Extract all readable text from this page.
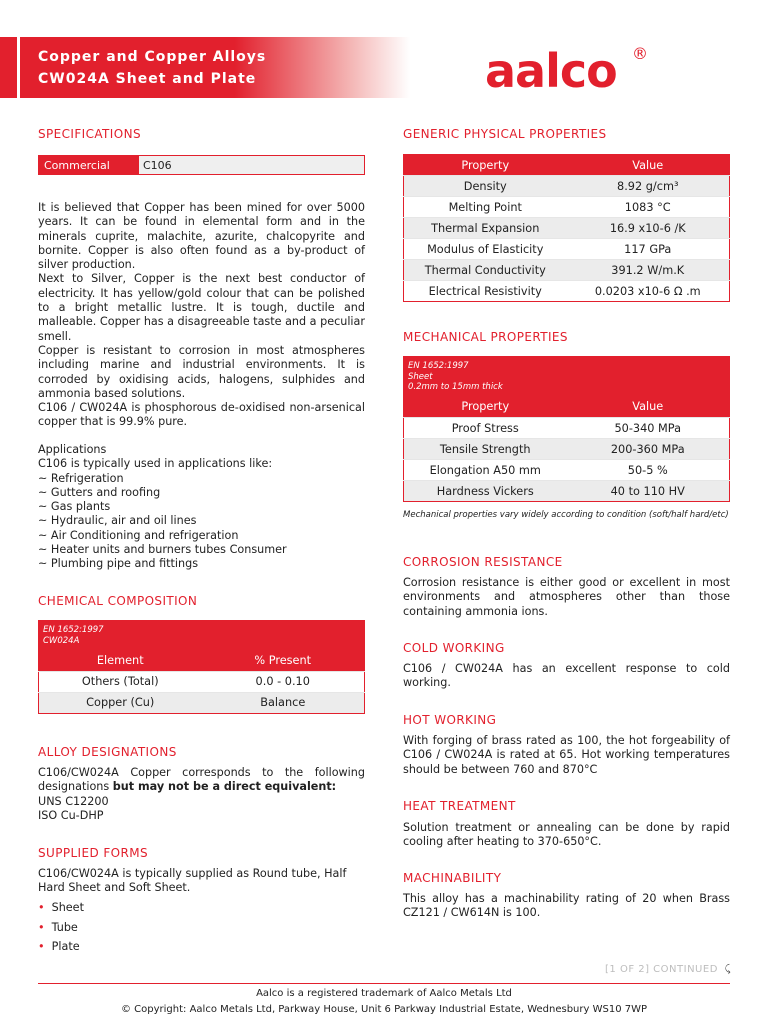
Copper and Copper Alloys
CW024A Sheet and Plate	aalco ®
SPECIFICATIONS
Commercial	C106
It is believed that Copper has been mined for over 5000 years. It can be found in elemental form and in the minerals cuprite, malachite, azurite, chalcopyrite and bornite. Copper is also often found as a by-product of silver production.
Next to Silver, Copper is the next best conductor of electricity. It has yellow/gold colour that can be polished to a bright metallic lustre. It is tough, ductile and malleable. Copper has a disagreeable taste and a peculiar smell.
Copper is resistant to corrosion in most atmospheres including marine and industrial environments. It is corroded by oxidising acids, halogens, sulphides and ammonia based solutions.
C106 / CW024A is phosphorous de-oxidised non-arsenical copper that is 99.9% pure.
Applications
C106 is typically used in applications like:
~ Refrigeration
~ Gutters and roofing
~ Gas plants
~ Hydraulic, air and oil lines
~ Air Conditioning and refrigeration
~ Heater units and burners tubes Consumer
~ Plumbing pipe and fittings
CHEMICAL COMPOSITION
EN 1652:1997
CW024A	

Element	% Present
Others (Total)	0.0 - 0.10
Copper (Cu)	Balance
ALLOY DESIGNATIONS
C106/CW024A Copper corresponds to the following designations but may not be a direct equivalent:
UNS C12200
ISO Cu-DHP
SUPPLIED FORMS
C106/CW024A is typically supplied as Round tube, Half Hard Sheet and Soft Sheet.
• Sheet
• Tube
• Plate
GENERIC PHYSICAL PROPERTIES
Property	Value
Density	8.92 g/cm³
Melting Point	1083 °C
Thermal Expansion	16.9 x10-6 /K
Modulus of Elasticity	117 GPa
Thermal Conductivity	391.2 W/m.K
Electrical Resistivity	0.0203 x10-6 Ω .m
MECHANICAL PROPERTIES
EN 1652:1997
Sheet
0.2mm to 15mm thick	

Property	Value
Proof Stress	50-340 MPa
Tensile Strength	200-360 MPa
Elongation A50 mm	50-5 %
Hardness Vickers	40 to 110 HV
Mechanical properties vary widely according to condition (soft/half hard/etc)
CORROSION RESISTANCE
Corrosion resistance is either good or excellent in most environments and atmospheres other than those containing ammonia ions.
COLD WORKING
C106 / CW024A has an excellent response to cold working.
HOT WORKING
With forging of brass rated as 100, the hot forgeability of C106 / CW024A is rated at 65. Hot working temperatures should be between 760 and 870°C
HEAT TREATMENT
Solution treatment or annealing can be done by rapid cooling after heating to 370-650°C.
MACHINABILITY
This alloy has a machinability rating of 20 when Brass CZ121 / CW614N is 100.
[1 OF 2] CONTINUED ⤹
Aalco is a registered trademark of Aalco Metals Ltd
© Copyright: Aalco Metals Ltd, Parkway House, Unit 6 Parkway Industrial Estate, Wednesbury WS10 7WP
